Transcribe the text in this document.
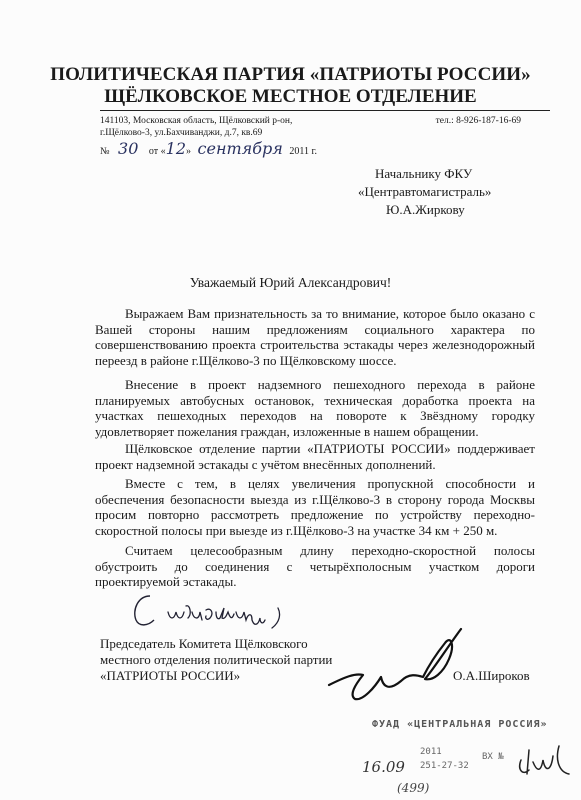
ПОЛИТИЧЕСКАЯ ПАРТИЯ «ПАТРИОТЫ РОССИИ»
ЩЁЛКОВСКОЕ МЕСТНОЕ ОТДЕЛЕНИЕ
141103, Московская область, Щёлковский р-он,
г.Щёлково-3, ул.Бахчиванджи, д.7, кв.69
тел.: 8-926-187-16-69
№ 30 от «12» сентября 2011 г.
Начальнику ФКУ
«Центравтомагистраль»
Ю.А.Жиркову
Уважаемый Юрий Александрович!

Выражаем Вам признательность за то внимание, которое было оказано с Вашей стороны нашим предложениям социального характера по совершенствованию проекта строительства эстакады через железнодорожный переезд в районе г.Щёлково-3 по Щёлковскому шоссе.

Внесение в проект надземного пешеходного перехода в районе планируемых автобусных остановок, техническая доработка проекта на участках пешеходных переходов на повороте к Звёздному городку удовлетворяет пожелания граждан, изложенные в нашем обращении.

Щёлковское отделение партии «ПАТРИОТЫ РОССИИ» поддерживает проект надземной эстакады с учётом внесённых дополнений.

Вместе с тем, в целях увеличения пропускной способности и обеспечения безопасности выезда из г.Щёлково-3 в сторону города Москвы просим повторно рассмотреть предложение по устройству переходно-скоростной полосы при выезде из г.Щёлково-3 на участке 34 км + 250 м.

Считаем целесообразным длину переходно-скоростной полосы обустроить до соединения с четырёхполосным участком дороги проектируемой эстакады.

Председатель Комитета Щёлковского
местного отделения политической партии
«ПАТРИОТЫ РОССИИ»	О.А.Широков
ФУАД «ЦЕНТРАЛЬНАЯ РОССИЯ»
2011	ВХ №
251-27-32
16.09
(499)
